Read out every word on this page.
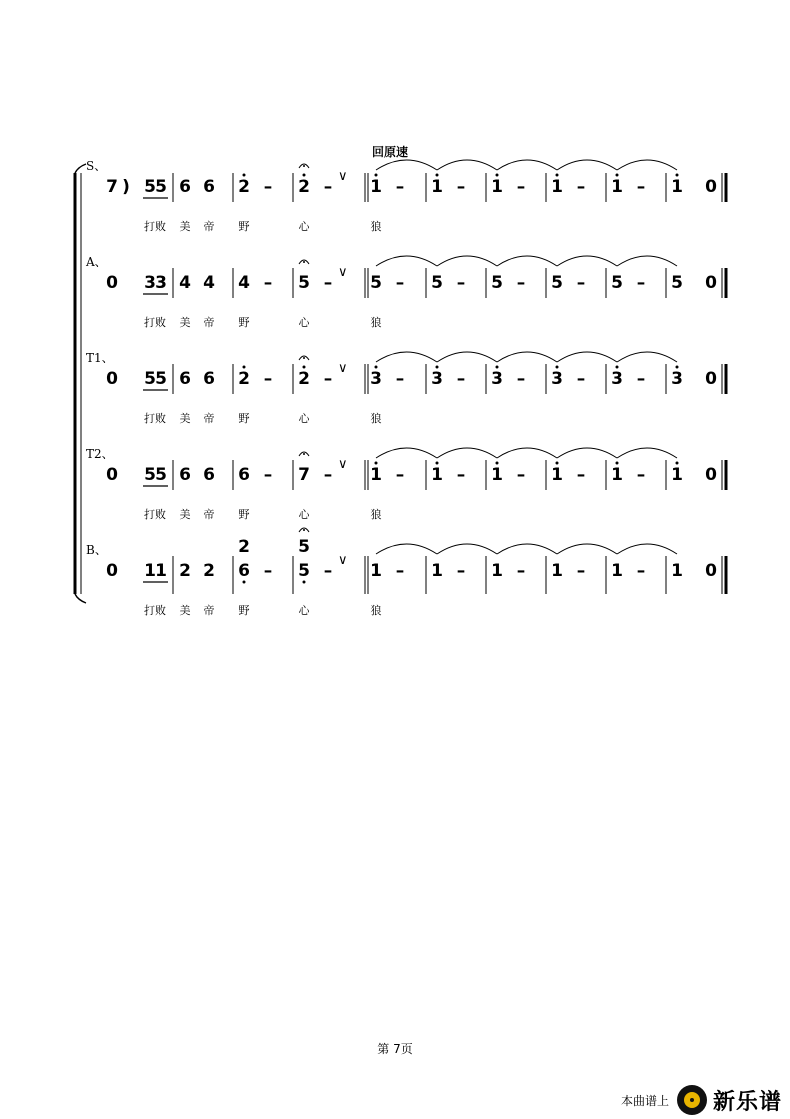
回原速
S、
7 ) 5 5 6 6 2 – 2 –
∨
1 – 1 – 1 – 1 – 1 – 1 0
打败 美 帝 野	心	狼
A、
0 3 3 4 4 4 – 5 –
∨
5 – 5 – 5 – 5 – 5 – 5 0
打败 美 帝 野	心	狼
T1、
0 5 5 6 6 2 – 2 –
∨
3 – 3 – 3 – 3 – 3 – 3 0
打败 美 帝 野	心	狼
T2、
0 5 5 6 6 6 – 7 –
∨
1 – 1 – 1 – 1 – 1 – 1 0
打败 美 帝 野	心	狼
B、
0 1 1 2 2 6
2
– 5
5
–
∨
1 – 1 – 1 – 1 – 1 – 1 0
打败 美 帝 野	心	狼
第 7页
本曲谱上 新乐谱
